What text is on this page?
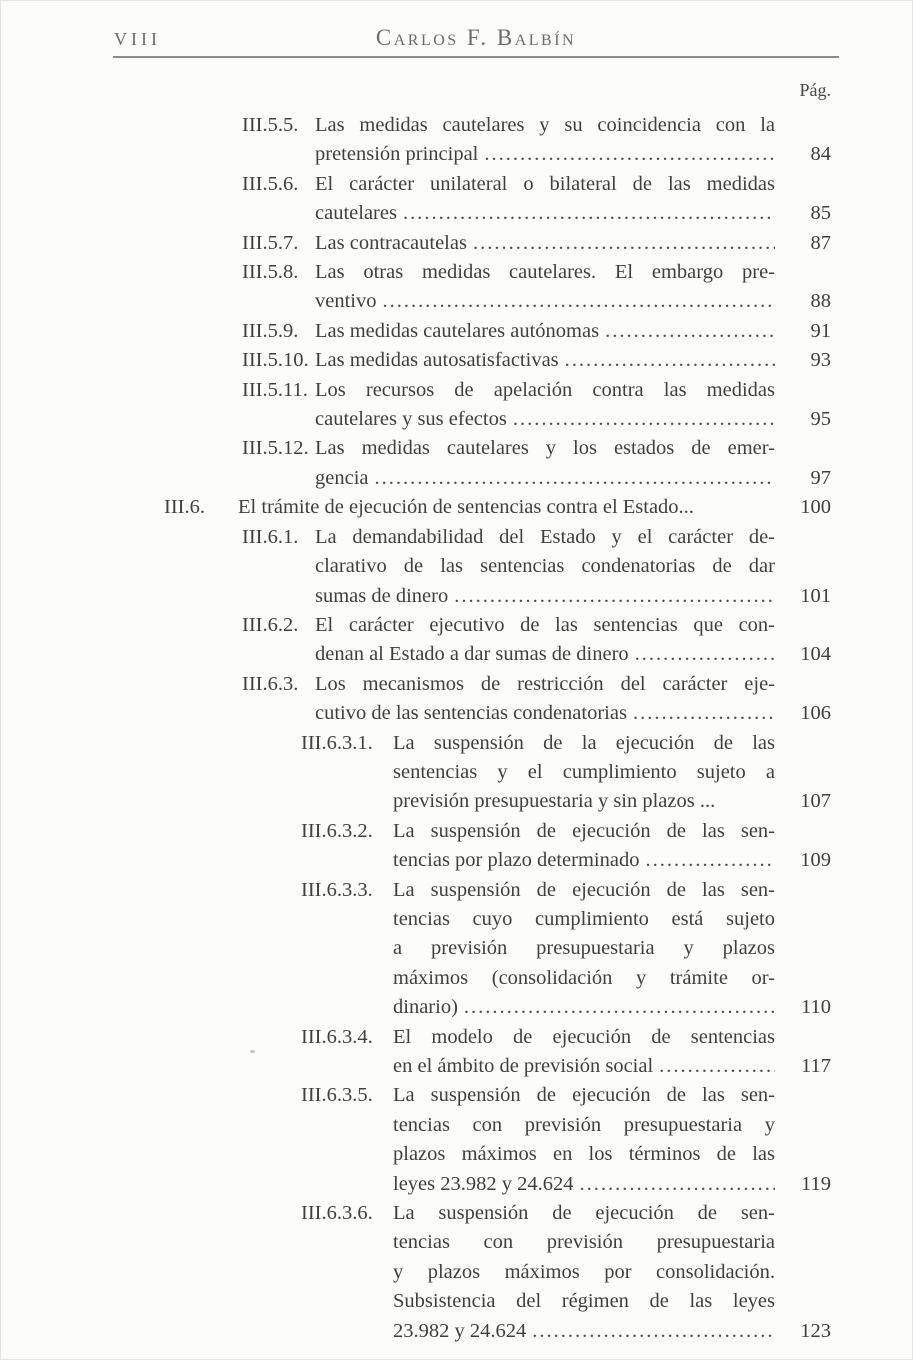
VIII	Carlos F. Balbín
Pág.
III.5.5. Las medidas cautelares y su coincidencia con la
pretensión principal .....	84
III.5.6. El carácter unilateral o bilateral de las medidas
cautelares .....	85
III.5.7. Las contracautelas .....	87
III.5.8. Las otras medidas cautelares. El embargo pre-
ventivo .....	88
III.5.9. Las medidas cautelares autónomas .....	91
III.5.10. Las medidas autosatisfactivas .....	93
III.5.11. Los recursos de apelación contra las medidas
cautelares y sus efectos .....	95
III.5.12. Las medidas cautelares y los estados de emer-
gencia .....	97
III.6.	El trámite de ejecución de sentencias contra el Estado...	100
III.6.1. La demandabilidad del Estado y el carácter de-
clarativo de las sentencias condenatorias de dar
sumas de dinero .....	101
III.6.2. El carácter ejecutivo de las sentencias que con-
denan al Estado a dar sumas de dinero .....	104
III.6.3. Los mecanismos de restricción del carácter eje-
cutivo de las sentencias condenatorias .....	106
III.6.3.1. La suspensión de la ejecución de las
sentencias y el cumplimiento sujeto a
previsión presupuestaria y sin plazos ...	107
III.6.3.2. La suspensión de ejecución de las sen-
tencias por plazo determinado .....	109
III.6.3.3. La suspensión de ejecución de las sen-
tencias cuyo cumplimiento está sujeto
a previsión presupuestaria y plazos
máximos (consolidación y trámite or-
dinario) .....	110
III.6.3.4. El modelo de ejecución de sentencias
en el ámbito de previsión social .....	117
III.6.3.5. La suspensión de ejecución de las sen-
tencias con previsión presupuestaria y
plazos máximos en los términos de las
leyes 23.982 y 24.624 .....	119
III.6.3.6. La suspensión de ejecución de sen-
tencias con previsión presupuestaria
y plazos máximos por consolidación.
Subsistencia del régimen de las leyes
23.982 y 24.624 .....	123
